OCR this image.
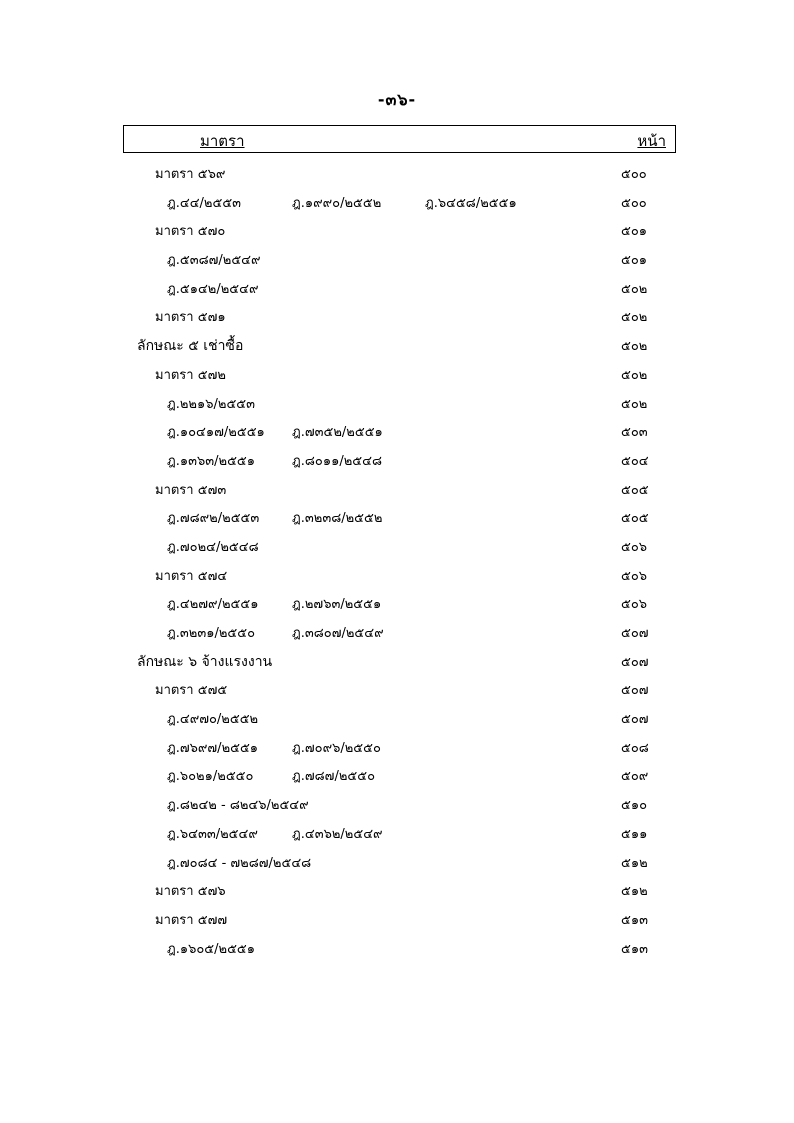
-๓๖-
มาตรา	หน้า
มาตรา ๕๖๙	๕๐๐
ฎ.๔๔/๒๕๕๓	ฎ.๑๙๙๐/๒๕๕๒	ฎ.๖๔๕๘/๒๕๕๑	๕๐๐
มาตรา ๕๗๐	๕๐๑
ฎ.๕๓๘๗/๒๕๔๙	๕๐๑
ฎ.๕๑๔๒/๒๕๔๙	๕๐๒
มาตรา ๕๗๑	๕๐๒
ลักษณะ ๕ เช่าซื้อ	๕๐๒
มาตรา ๕๗๒	๕๐๒
ฎ.๒๒๑๖/๒๕๕๓	๕๐๒
ฎ.๑๐๔๑๗/๒๕๕๑ ฎ.๗๓๕๒/๒๕๕๑	๕๐๓
ฎ.๑๓๖๓/๒๕๕๑	ฎ.๘๐๑๑/๒๕๔๘	๕๐๔
มาตรา ๕๗๓	๕๐๕
ฎ.๗๘๙๒/๒๕๕๓	ฎ.๓๒๓๘/๒๕๕๒	๕๐๕
ฎ.๗๐๒๔/๒๕๔๘	๕๐๖
มาตรา ๕๗๔	๕๐๖
ฎ.๔๒๗๙/๒๕๕๑	ฎ.๒๗๖๓/๒๕๕๑	๕๐๖
ฎ.๓๒๓๑/๒๕๕๐	ฎ.๓๘๐๗/๒๕๔๙	๕๐๗
ลักษณะ ๖ จ้างแรงงาน	๕๐๗
มาตรา ๕๗๕	๕๐๗
ฎ.๔๙๗๐/๒๕๕๒	๕๐๗
ฎ.๗๖๙๗/๒๕๕๑	ฎ.๗๐๙๖/๒๕๕๐	๕๐๘
ฎ.๖๐๒๑/๒๕๕๐	ฎ.๗๘๗/๒๕๕๐	๕๐๙
ฎ.๘๒๔๒ - ๘๒๔๖/๒๕๔๙	๕๑๐
ฎ.๖๔๓๓/๒๕๔๙	ฎ.๔๓๖๒/๒๕๔๙	๕๑๑
ฎ.๗๐๘๔ - ๗๒๘๗/๒๕๔๘	๕๑๒
มาตรา ๕๗๖	๕๑๒
มาตรา ๕๗๗	๕๑๓
ฎ.๑๖๐๕/๒๕๕๑	๕๑๓
